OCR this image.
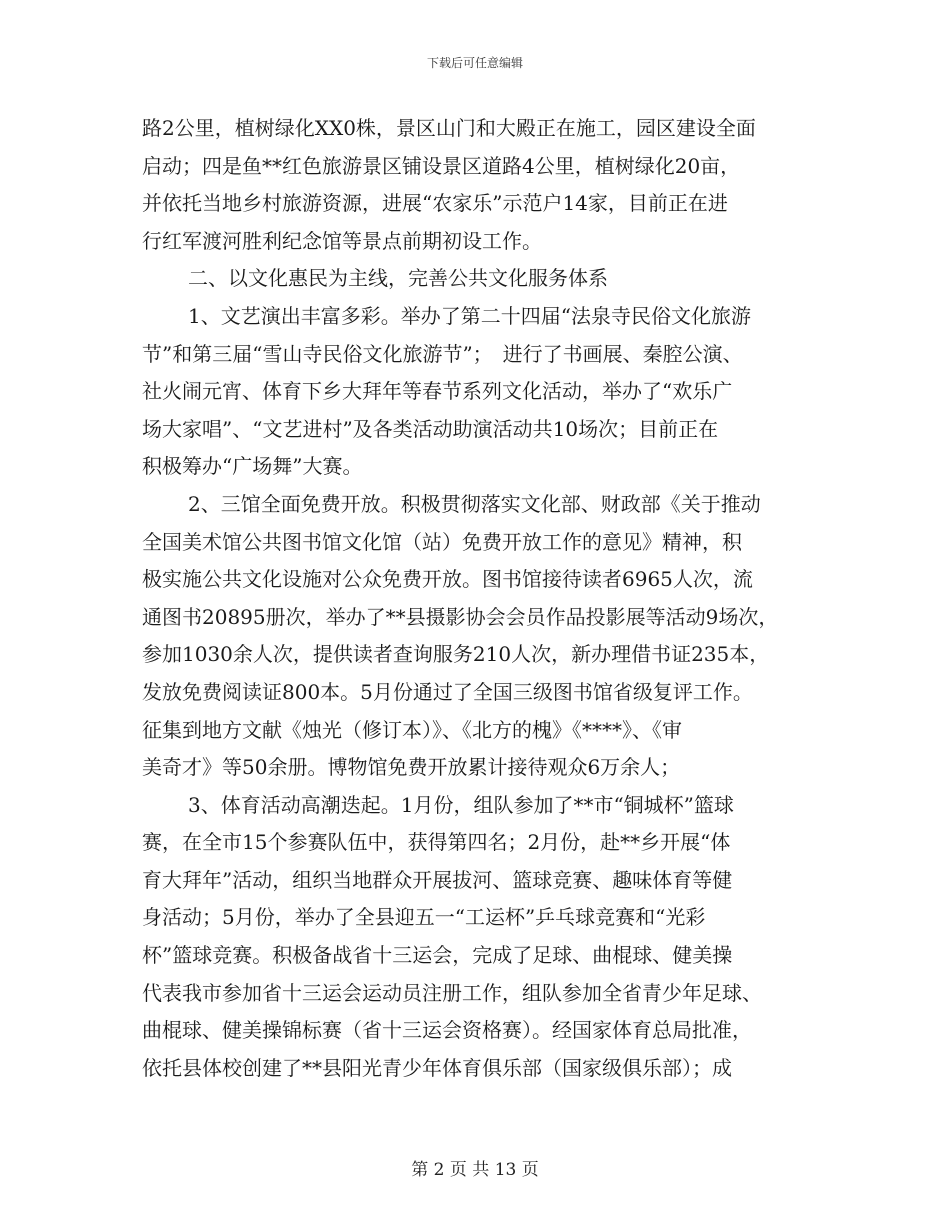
下载后可任意编辑
路2公里，植树绿化XX0株，景区山门和大殿正在施工，园区建设全面
启动；四是鱼**红色旅游景区铺设景区道路4公里，植树绿化20亩，
并依托当地乡村旅游资源，进展“农家乐”示范户14家，目前正在进
行红军渡河胜利纪念馆等景点前期初设工作。
二、以文化惠民为主线，完善公共文化服务体系
1、文艺演出丰富多彩。举办了第二十四届“法泉寺民俗文化旅游
节”和第三届“雪山寺民俗文化旅游节”；　进行了书画展、秦腔公演、
社火闹元宵、体育下乡大拜年等春节系列文化活动，举办了“欢乐广
场大家唱”、“文艺进村”及各类活动助演活动共10场次；目前正在
积极筹办“广场舞”大赛。
2、三馆全面免费开放。积极贯彻落实文化部、财政部《关于推动
全国美术馆公共图书馆文化馆（站）免费开放工作的意见》精神，积
极实施公共文化设施对公众免费开放。图书馆接待读者6965人次，流
通图书20895册次，举办了**县摄影协会会员作品投影展等活动9场次，
参加1030余人次，提供读者查询服务210人次，新办理借书证235本，
发放免费阅读证800本。5月份通过了全国三级图书馆省级复评工作。
征集到地方文献《烛光（修订本）》、《北方的槐》《****》、《审
美奇才》等50余册。博物馆免费开放累计接待观众6万余人；
3、体育活动高潮迭起。1月份，组队参加了**市“铜城杯”篮球
赛，在全市15个参赛队伍中，获得第四名；2月份，赴**乡开展“体
育大拜年”活动，组织当地群众开展拔河、篮球竞赛、趣味体育等健
身活动；5月份，举办了全县迎五一“工运杯”乒乓球竞赛和“光彩
杯”篮球竞赛。积极备战省十三运会，完成了足球、曲棍球、健美操
代表我市参加省十三运会运动员注册工作，组队参加全省青少年足球、
曲棍球、健美操锦标赛（省十三运会资格赛）。经国家体育总局批准，
依托县体校创建了**县阳光青少年体育俱乐部（国家级俱乐部）；成
第 2 页 共 13 页
